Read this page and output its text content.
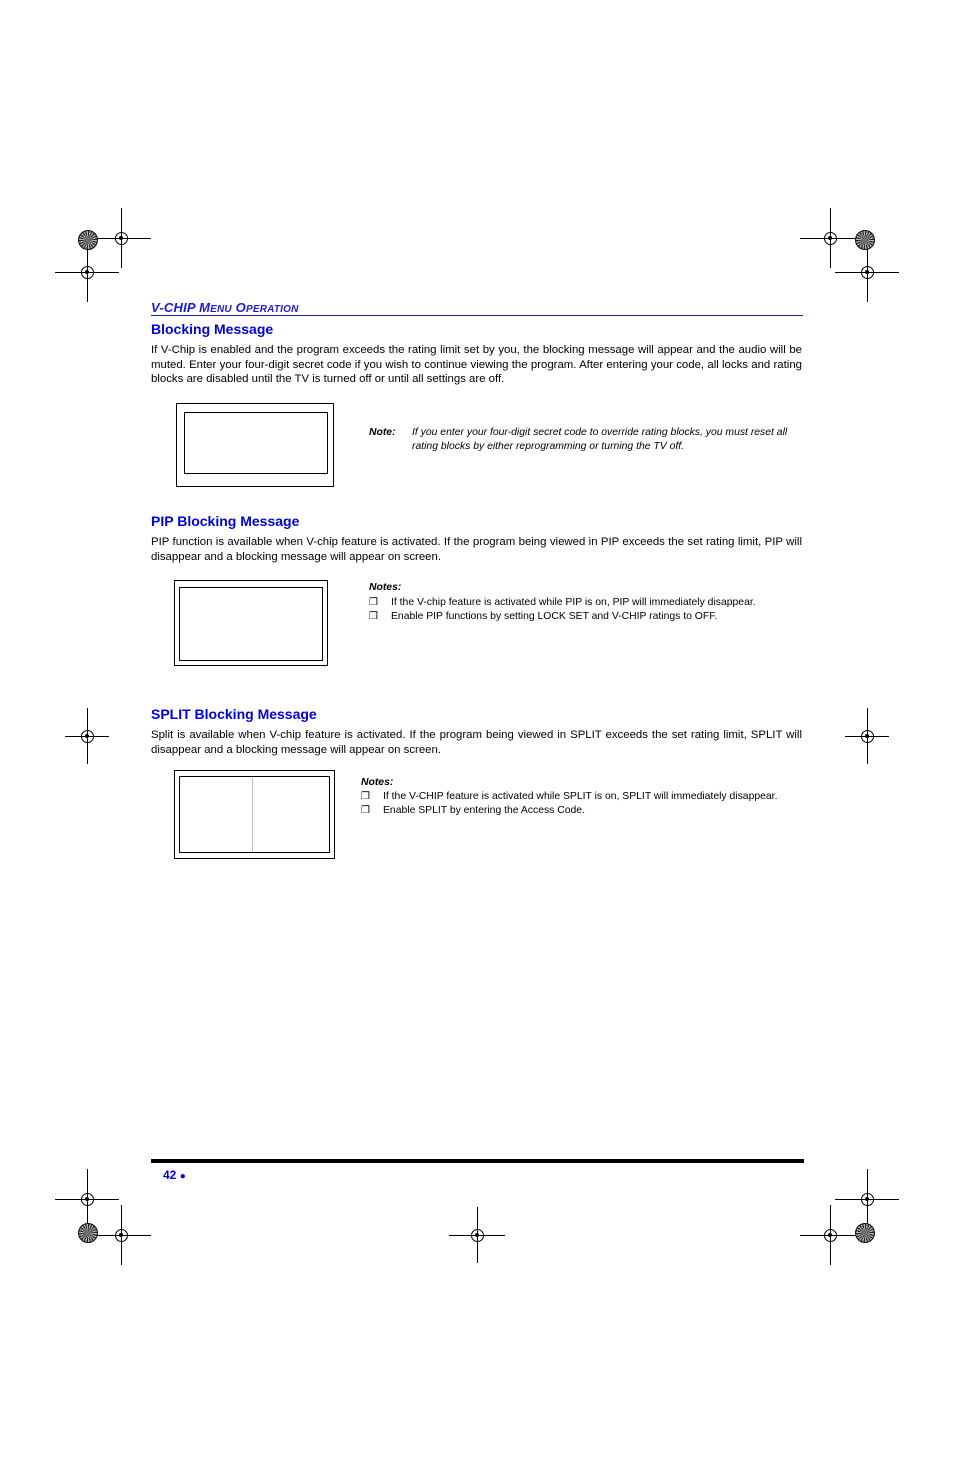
V-CHIP MENU OPERATION
Blocking Message
If V-Chip is enabled and the program exceeds the rating limit set by you, the blocking message will appear and the audio will be muted. Enter your four-digit secret code if you wish to continue viewing the program. After entering your code, all locks and rating blocks are disabled until the TV is turned off or until all settings are off.
Note:	If you enter your four-digit secret code to override rating blocks, you must reset all rating blocks by either reprogramming or turning the TV off.
PIP Blocking Message
PIP function is available when V-chip feature is activated. If the program being viewed in PIP exceeds the set rating limit, PIP will disappear and a blocking message will appear on screen.
Notes:
❒ If the V-chip feature is activated while PIP is on, PIP will immediately disappear.
❒ Enable PIP functions by setting LOCK SET and V-CHIP ratings to OFF.
SPLIT Blocking Message
Split is available when V-chip feature is activated. If the program being viewed in SPLIT exceeds the set rating limit, SPLIT will disappear and a blocking message will appear on screen.
Notes:
❒ If the V-CHIP feature is activated while SPLIT is on, SPLIT will immediately disappear.
❒ Enable SPLIT by entering the Access Code.
42 ●
